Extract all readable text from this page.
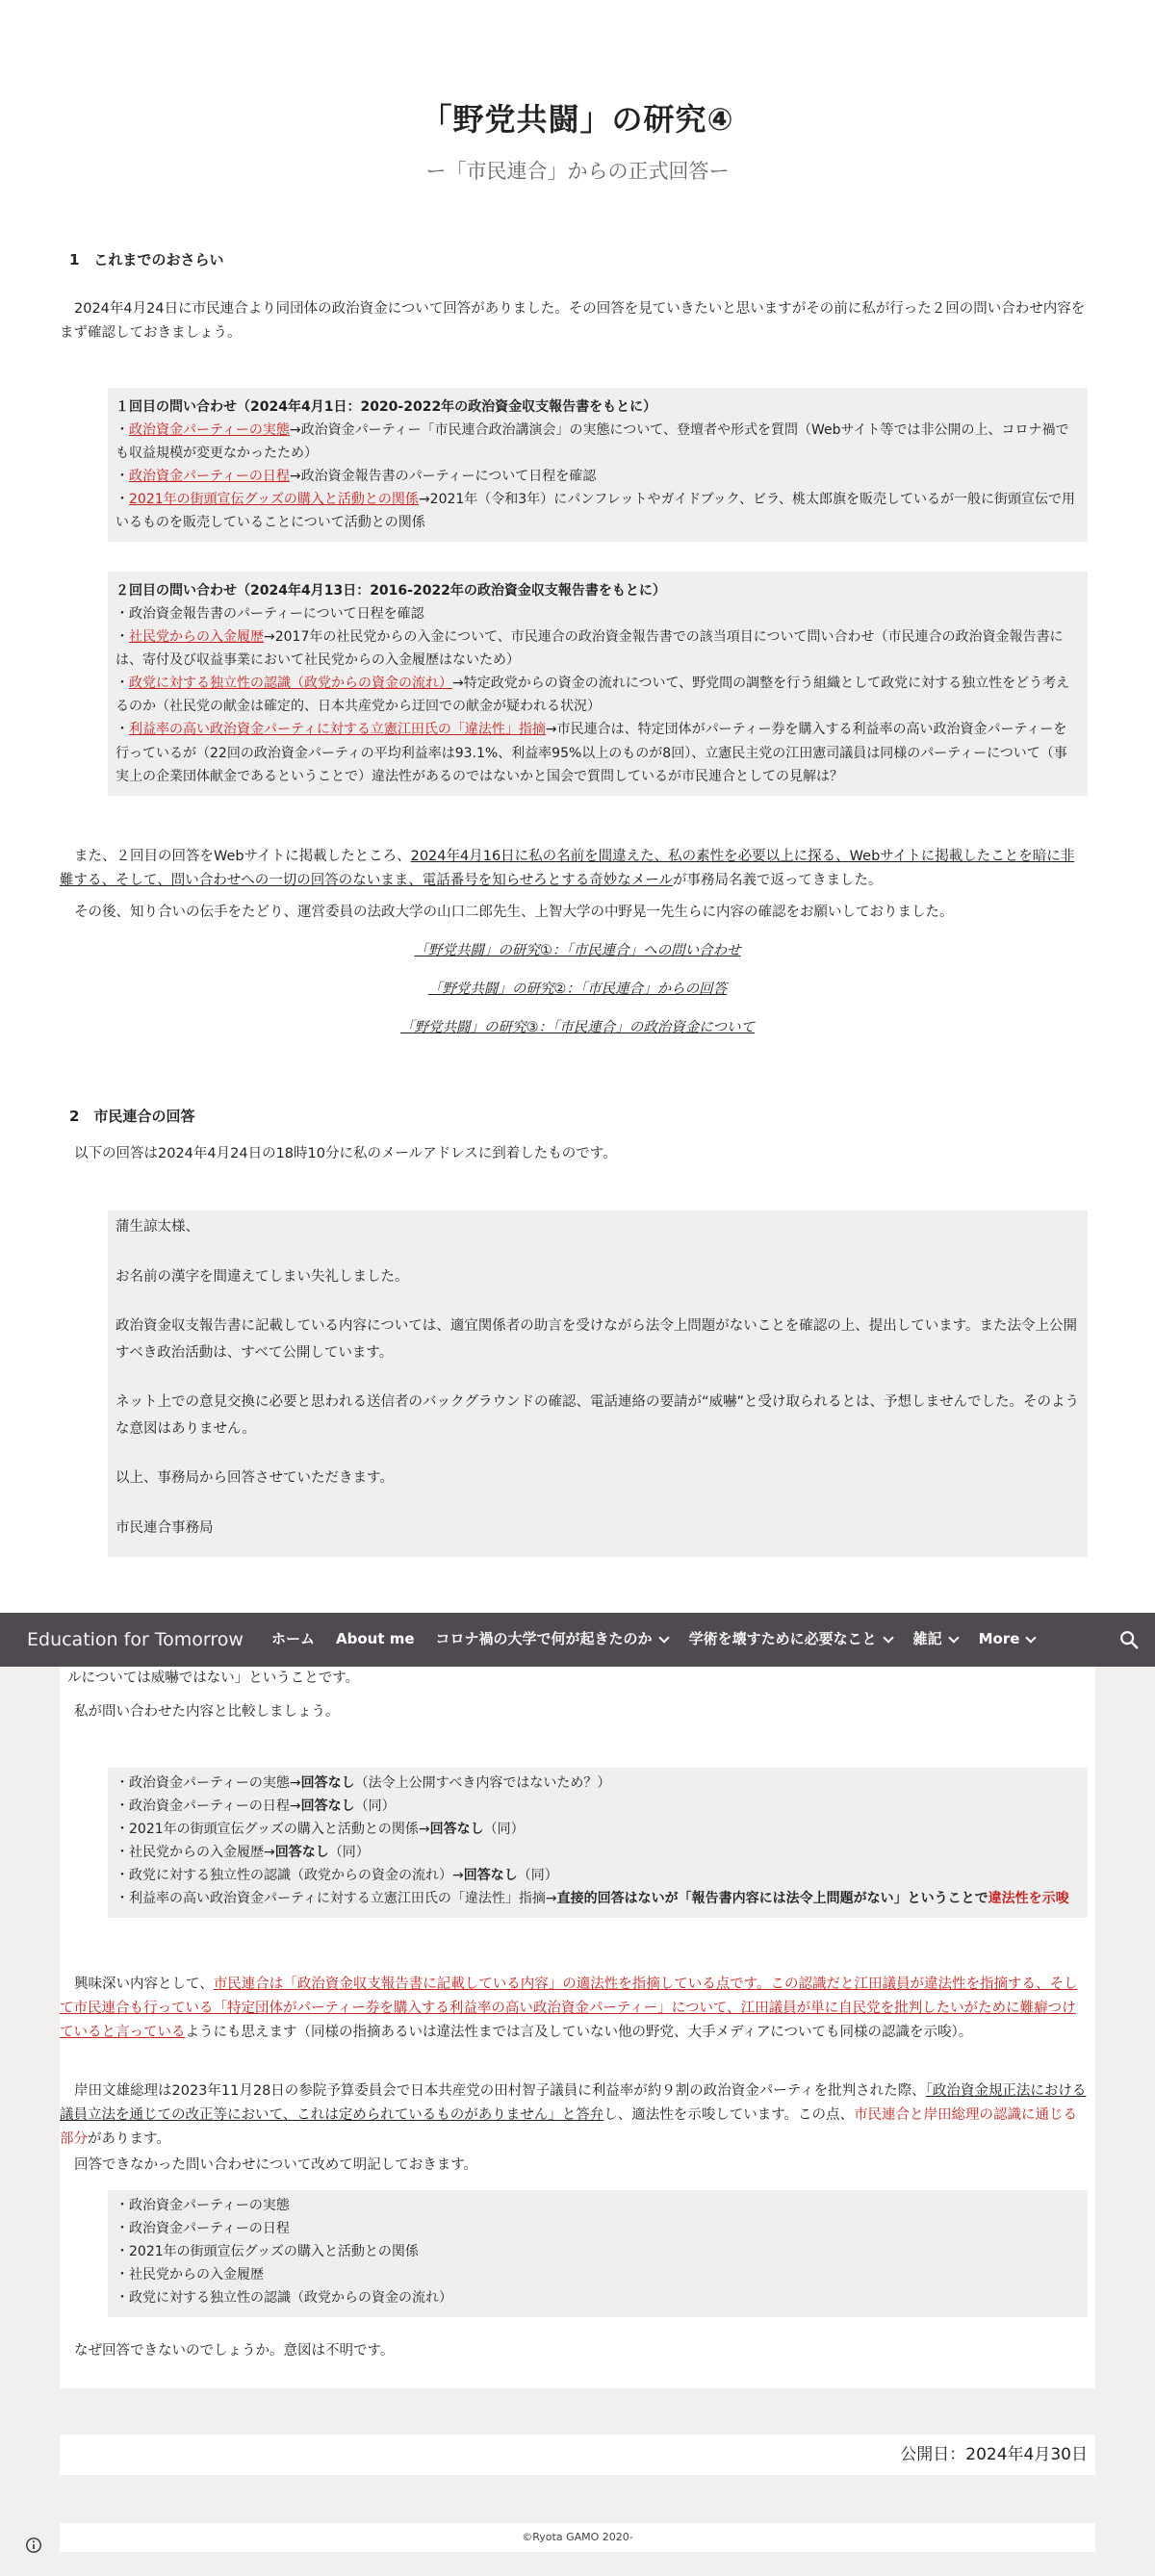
「野党共闘」の研究④
ー「市民連合」からの正式回答ー
1　これまでのおさらい
2024年4月24日に市民連合より同団体の政治資金について回答がありました。その回答を見ていきたいと思いますがその前に私が行った２回の問い合わせ内容をまず確認しておきましょう。
１回目の問い合わせ（2024年4月1日：2020-2022年の政治資金収支報告書をもとに）
・政治資金パーティーの実態→政治資金パーティー「市民連合政治講演会」の実態について、登壇者や形式を質問（Webサイト等では非公開の上、コロナ禍でも収益規模が変更なかったため）
・政治資金パーティーの日程→政治資金報告書のパーティーについて日程を確認
・2021年の街頭宣伝グッズの購入と活動との関係→2021年（令和3年）にパンフレットやガイドブック、ビラ、桃太郎旗を販売しているが一般に街頭宣伝で用いるものを販売していることについて活動との関係
２回目の問い合わせ（2024年4月13日：2016-2022年の政治資金収支報告書をもとに）
・政治資金報告書のパーティーについて日程を確認
・社民党からの入金履歴→2017年の社民党からの入金について、市民連合の政治資金報告書での該当項目について問い合わせ（市民連合の政治資金報告書には、寄付及び収益事業において社民党からの入金履歴はないため）
・政党に対する独立性の認識（政党からの資金の流れ）→特定政党からの資金の流れについて、野党間の調整を行う組織として政党に対する独立性をどう考えるのか（社民党の献金は確定的、日本共産党から迂回での献金が疑われる状況）
・利益率の高い政治資金パーティに対する立憲江田氏の「違法性」指摘→市民連合は、特定団体がパーティー券を購入する利益率の高い政治資金パーティーを行っているが（22回の政治資金パーティの平均利益率は93.1%、利益率95%以上のものが8回）、立憲民主党の江田憲司議員は同様のパーティーについて（事実上の企業団体献金であるということで）違法性があるのではないかと国会で質問しているが市民連合としての見解は？
また、２回目の回答をWebサイトに掲載したところ、2024年4月16日に私の名前を間違えた、私の素性を必要以上に探る、Webサイトに掲載したことを暗に非難する、そして、問い合わせへの一切の回答のないまま、電話番号を知らせろとする奇妙なメールが事務局名義で返ってきました。
その後、知り合いの伝手をたどり、運営委員の法政大学の山口二郎先生、上智大学の中野晃一先生らに内容の確認をお願いしておりました。
「野党共闘」の研究①：「市民連合」への問い合わせ
「野党共闘」の研究②：「市民連合」からの回答
「野党共闘」の研究③：「市民連合」の政治資金について
2　市民連合の回答
以下の回答は2024年4月24日の18時10分に私のメールアドレスに到着したものです。

蒲生諒太様、

お名前の漢字を間違えてしまい失礼しました。

政治資金収支報告書に記載している内容については、適宜関係者の助言を受けながら法令上問題がないことを確認の上、提出しています。また法令上公開すべき政治活動は、すべて公開しています。

ネット上での意見交換に必要と思われる送信者のバックグラウンドの確認、電話連絡の要請が“威嚇”と受け取られるとは、予想しませんでした。そのような意図はありません。

以上、事務局から回答させていただきます。

市民連合事務局

Education for Tomorrow	ホーム About me コロナ禍の大学で何が起きたのか	学術を壊すために必要なこと	雑記	More
ルについては威嚇ではない」ということです。
私が問い合わせた内容と比較しましょう。
・政治資金パーティーの実態→回答なし（法令上公開すべき内容ではないため？）
・政治資金パーティーの日程→回答なし（同）
・2021年の街頭宣伝グッズの購入と活動との関係→回答なし（同）
・社民党からの入金履歴→回答なし（同）
・政党に対する独立性の認識（政党からの資金の流れ）→回答なし（同）
・利益率の高い政治資金パーティに対する立憲江田氏の「違法性」指摘→直接的回答はないが「報告書内容には法令上問題がない」ということで違法性を示唆
興味深い内容として、市民連合は「政治資金収支報告書に記載している内容」の適法性を指摘している点です。この認識だと江田議員が違法性を指摘する、そして市民連合も行っている「特定団体がパーティー券を購入する利益率の高い政治資金パーティー」について、江田議員が単に自民党を批判したいがために難癖つけていると言っているようにも思えます（同様の指摘あるいは違法性までは言及していない他の野党、大手メディアについても同様の認識を示唆）。
岸田文雄総理は2023年11月28日の参院予算委員会で日本共産党の田村智子議員に利益率が約９割の政治資金パーティを批判された際、「政治資金規正法における議員立法を通じての改正等において、これは定められているものがありません」と答弁し、適法性を示唆しています。この点、市民連合と岸田総理の認識に通じる部分があります。
回答できなかった問い合わせについて改めて明記しておきます。
・政治資金パーティーの実態
・政治資金パーティーの日程
・2021年の街頭宣伝グッズの購入と活動との関係
・社民党からの入金履歴
・政党に対する独立性の認識（政党からの資金の流れ）
なぜ回答できないのでしょうか。意図は不明です。
公開日：2024年4月30日
©Ryota GAMO 2020-
